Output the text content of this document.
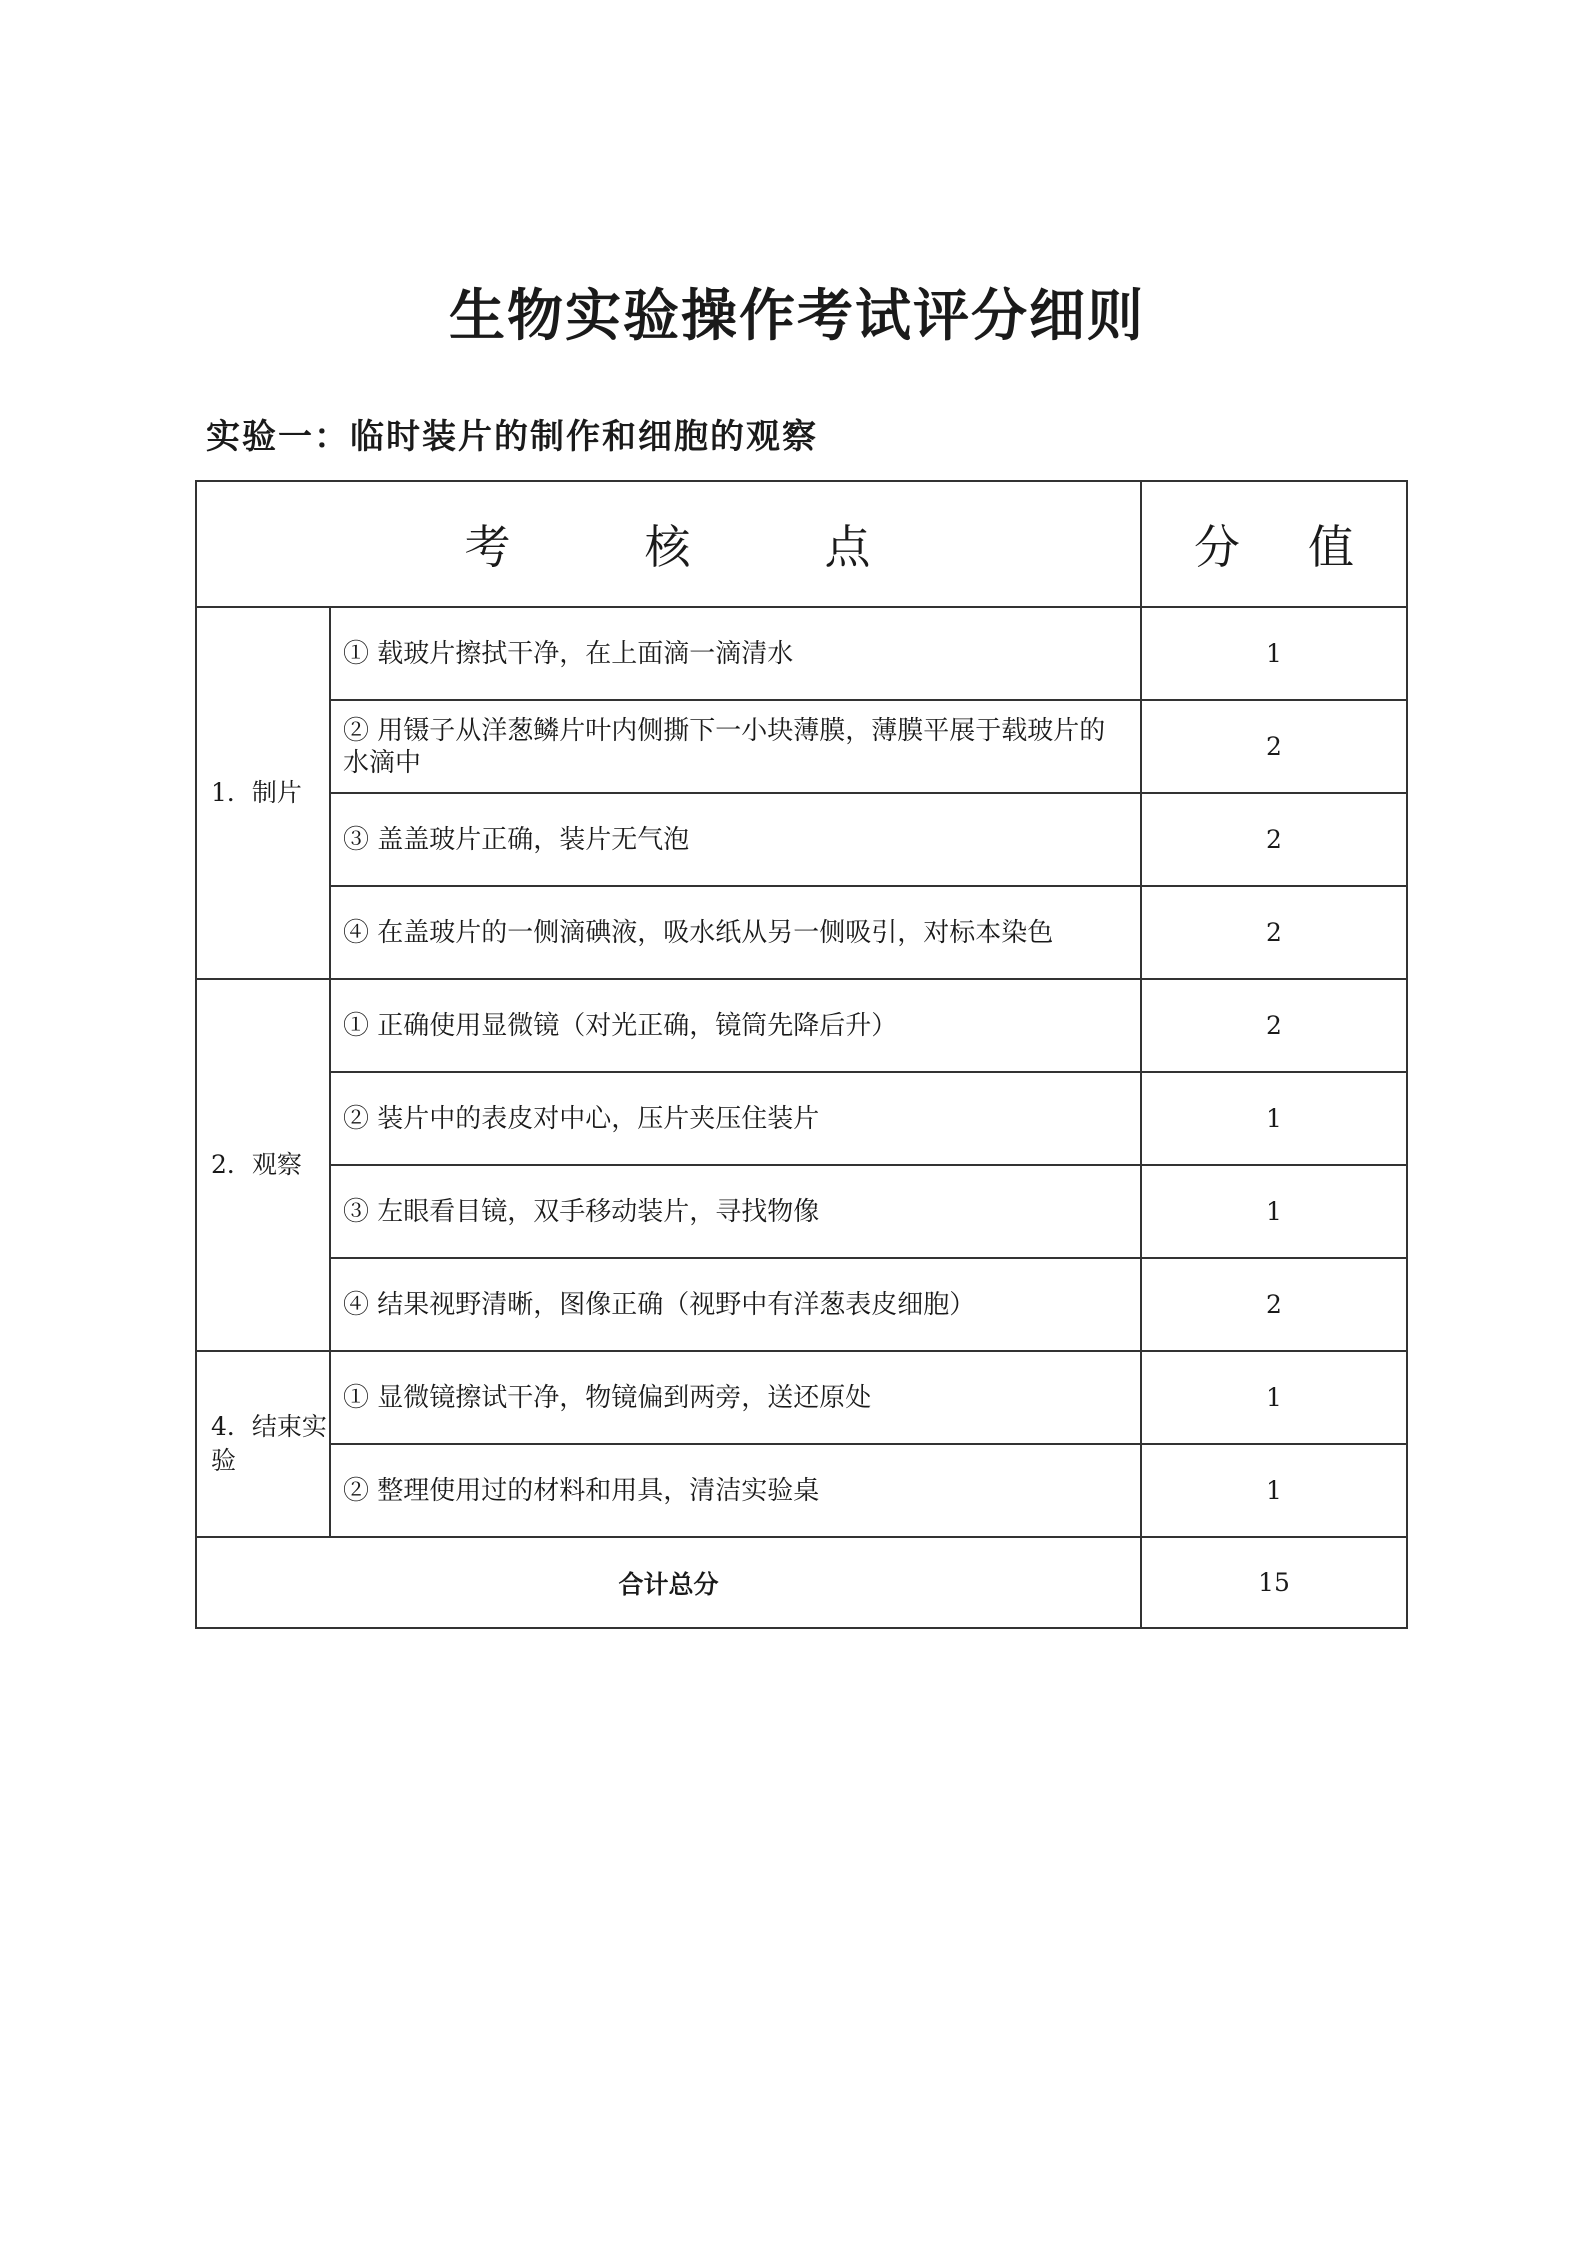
生物实验操作考试评分细则
实验一：临时装片的制作和细胞的观察
考 核 点		分 值
1．制片	① 载玻片擦拭干净，在上面滴一滴清水	1
	② 用镊子从洋葱鳞片叶内侧撕下一小块薄膜，薄膜平展于载玻片的水滴中	2
	③ 盖盖玻片正确，装片无气泡	2
	④ 在盖玻片的一侧滴碘液，吸水纸从另一侧吸引，对标本染色	2
2．观察	① 正确使用显微镜（对光正确，镜筒先降后升）	2
	② 装片中的表皮对中心，压片夹压住装片	1
	③ 左眼看目镜，双手移动装片，寻找物像	1
	④ 结果视野清晰，图像正确（视野中有洋葱表皮细胞）	2
4．结束实验	① 显微镜擦试干净，物镜偏到两旁，送还原处	1
	② 整理使用过的材料和用具，清洁实验桌	1
合计总分		15
